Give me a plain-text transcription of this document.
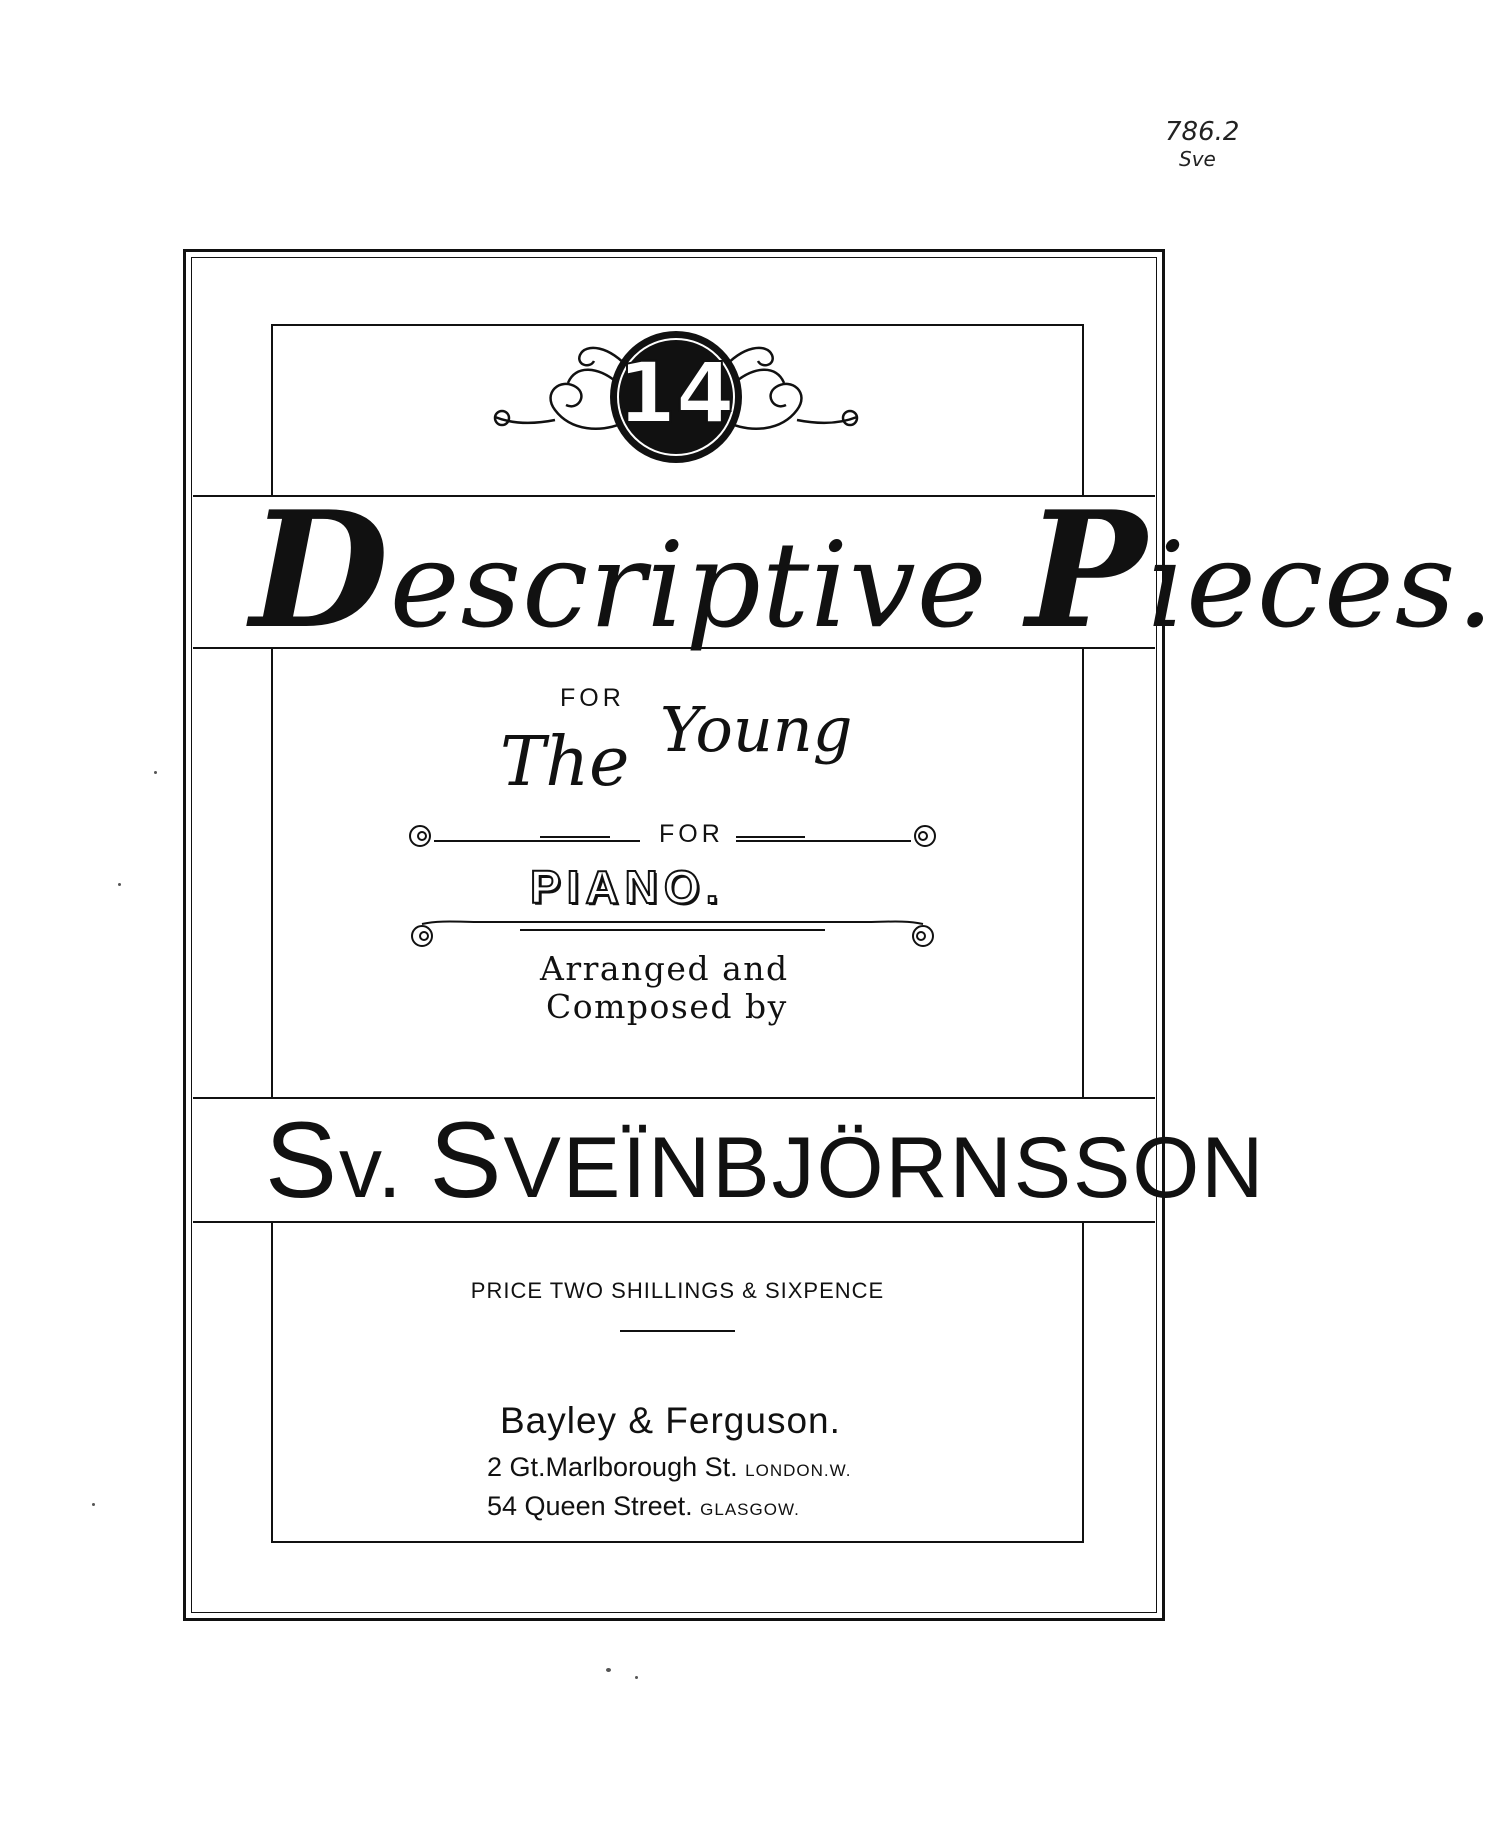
786.2
Sve
14
Descriptive Pieces.
FOR
The Young
FOR
PIANO.
Arranged and
Composed by
Sv. SVEÏNBJÖRNSSON
PRICE TWO SHILLINGS & SIXPENCE
Bayley & Ferguson.
2 Gt.Marlborough St. LONDON.W.
54 Queen Street. GLASGOW.
